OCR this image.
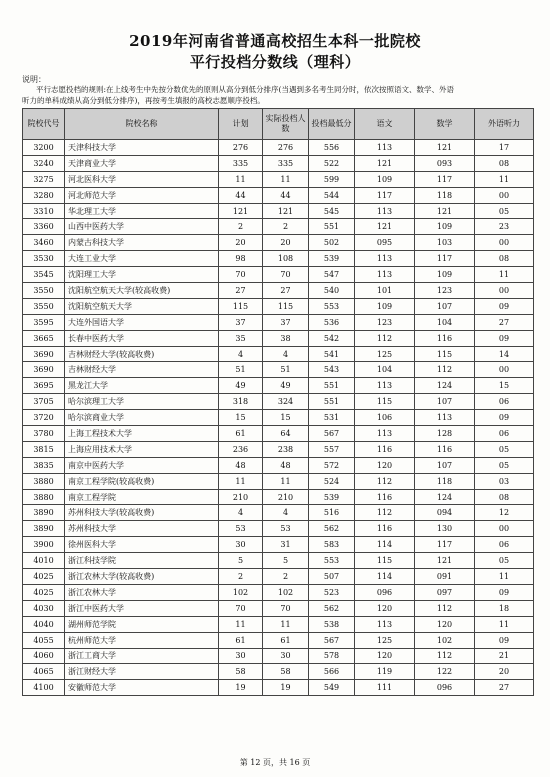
2019年河南省普通高校招生本科一批院校
平行投档分数线（理科）
说明：
平行志愿投档的规则:在上线考生中先按分数优先的原则从高分到低分排序(当遇到多名考生同分时，依次按照语文、数学、外语
听力的单科成绩从高分到低分排序)，再按考生填报的高校志愿顺序投档。
院校代号	院校名称	计划	实际投档人数	投档最低分	语文	数学	外语听力
3200	天津科技大学	276	276	556	113	121	17
3240	天津商业大学	335	335	522	121	093	08
3275	河北医科大学	11	11	599	109	117	11
3280	河北师范大学	44	44	544	117	118	00
3310	华北理工大学	121	121	545	113	121	05
3360	山西中医药大学	2	2	551	121	109	23
3460	内蒙古科技大学	20	20	502	095	103	00
3530	大连工业大学	98	108	539	113	117	08
3545	沈阳理工大学	70	70	547	113	109	11
3550	沈阳航空航天大学(较高收费)	27	27	540	101	123	00
3550	沈阳航空航天大学	115	115	553	109	107	09
3595	大连外国语大学	37	37	536	123	104	27
3665	长春中医药大学	35	38	542	112	116	09
3690	吉林财经大学(较高收费)	4	4	541	125	115	14
3690	吉林财经大学	51	51	543	104	112	00
3695	黑龙江大学	49	49	551	113	124	15
3705	哈尔滨理工大学	318	324	551	115	107	06
3720	哈尔滨商业大学	15	15	531	106	113	09
3780	上海工程技术大学	61	64	567	113	128	06
3815	上海应用技术大学	236	238	557	116	116	05
3835	南京中医药大学	48	48	572	120	107	05
3880	南京工程学院(较高收费)	11	11	524	112	118	03
3880	南京工程学院	210	210	539	116	124	08
3890	苏州科技大学(较高收费)	4	4	516	112	094	12
3890	苏州科技大学	53	53	562	116	130	00
3900	徐州医科大学	30	31	583	114	117	06
4010	浙江科技学院	5	5	553	115	121	05
4025	浙江农林大学(较高收费)	2	2	507	114	091	11
4025	浙江农林大学	102	102	523	096	097	09
4030	浙江中医药大学	70	70	562	120	112	18
4040	湖州师范学院	11	11	538	113	120	11
4055	杭州师范大学	61	61	567	125	102	09
4060	浙江工商大学	30	30	578	120	112	21
4065	浙江财经大学	58	58	566	119	122	20
4100	安徽师范大学	19	19	549	111	096	27
第 12 页，共 16 页
